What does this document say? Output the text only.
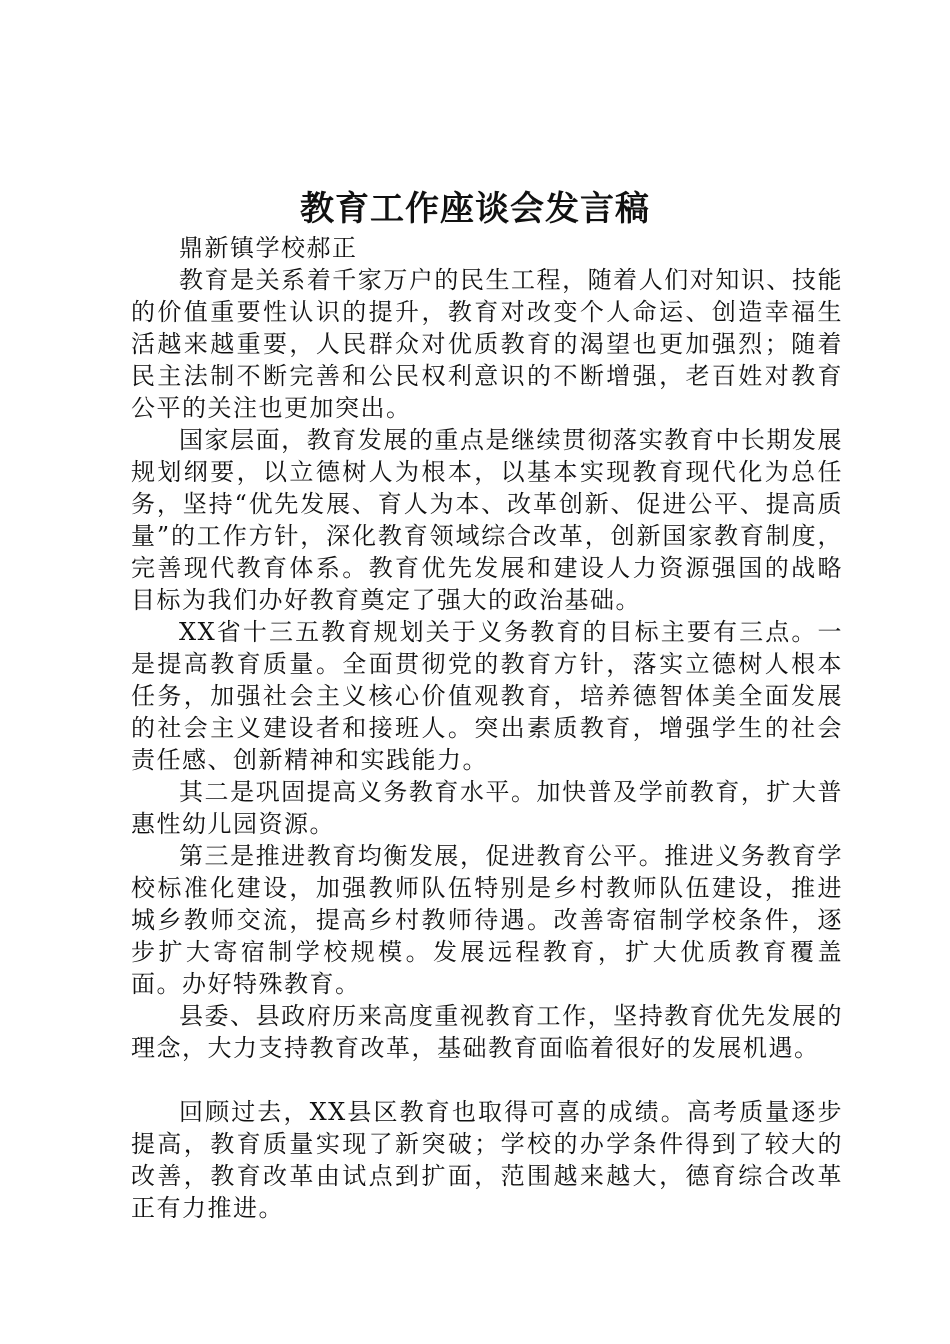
教育工作座谈会发言稿

鼎新镇学校郝正

教育是关系着千家万户的民生工程，随着人们对知识、技能的价值重要性认识的提升，教育对改变个人命运、创造幸福生活越来越重要，人民群众对优质教育的渴望也更加强烈；随着民主法制不断完善和公民权利意识的不断增强，老百姓对教育公平的关注也更加突出。

国家层面，教育发展的重点是继续贯彻落实教育中长期发展规划纲要，以立德树人为根本，以基本实现教育现代化为总任务，坚持“优先发展、育人为本、改革创新、促进公平、提高质量”的工作方针，深化教育领域综合改革，创新国家教育制度，完善现代教育体系。教育优先发展和建设人力资源强国的战略目标为我们办好教育奠定了强大的政治基础。

XX省十三五教育规划关于义务教育的目标主要有三点。一是提高教育质量。全面贯彻党的教育方针，落实立德树人根本任务，加强社会主义核心价值观教育，培养德智体美全面发展的社会主义建设者和接班人。突出素质教育，增强学生的社会责任感、创新精神和实践能力。

其二是巩固提高义务教育水平。加快普及学前教育，扩大普惠性幼儿园资源。

第三是推进教育均衡发展，促进教育公平。推进义务教育学校标准化建设，加强教师队伍特别是乡村教师队伍建设，推进城乡教师交流，提高乡村教师待遇。改善寄宿制学校条件，逐步扩大寄宿制学校规模。发展远程教育，扩大优质教育覆盖面。办好特殊教育。

县委、县政府历来高度重视教育工作，坚持教育优先发展的理念，大力支持教育改革，基础教育面临着很好的发展机遇。

回顾过去，XX县区教育也取得可喜的成绩。高考质量逐步提高，教育质量实现了新突破；学校的办学条件得到了较大的改善，教育改革由试点到扩面，范围越来越大，德育综合改革正有力推进。
